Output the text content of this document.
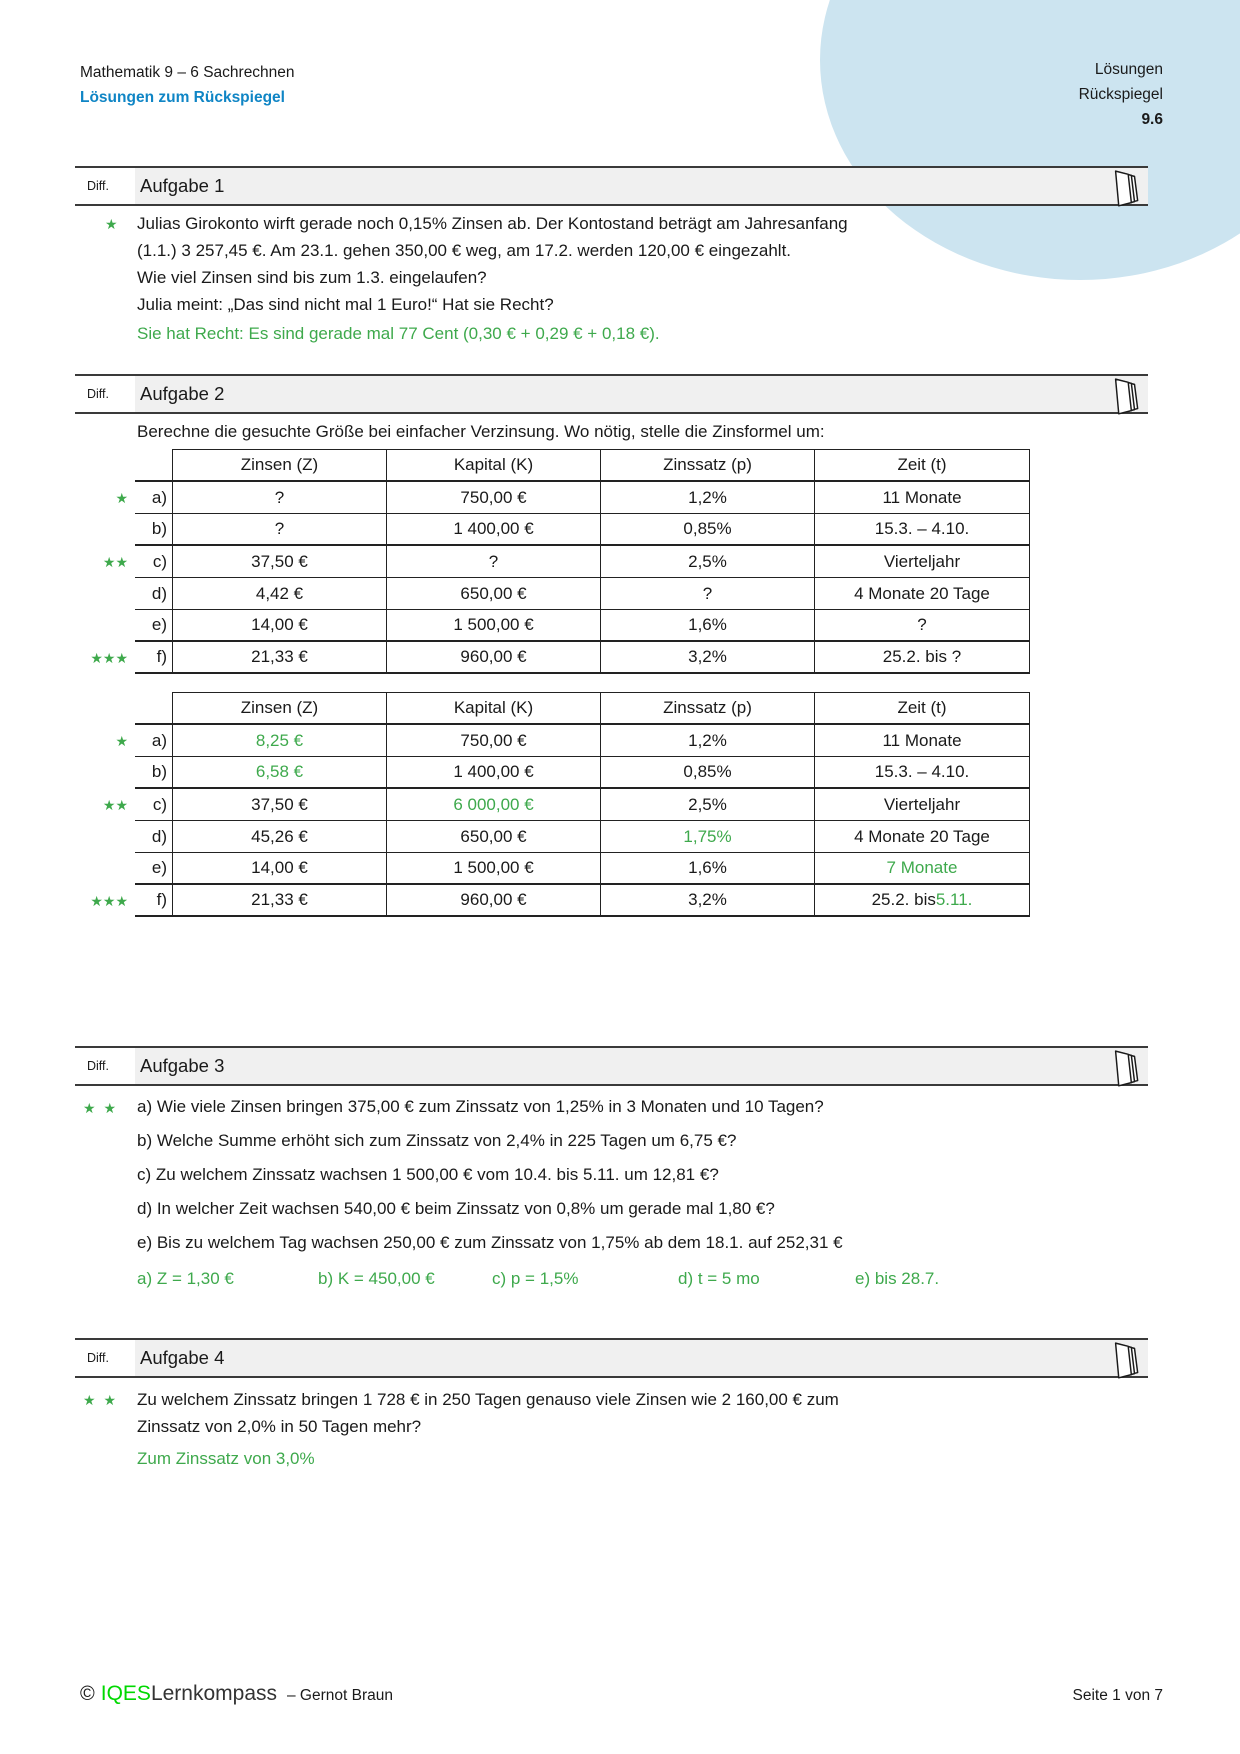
Mathematik 9 – 6 Sachrechnen
Lösungen zum Rückspiegel
Lösungen
Rückspiegel
9.6
Diff.	Aufgabe 1
★ Julias Girokonto wirft gerade noch 0,15% Zinsen ab. Der Kontostand beträgt am Jahresanfang
(1.1.) 3 257,45 €. Am 23.1. gehen 350,00 € weg, am 17.2. werden 120,00 € eingezahlt.
Wie viel Zinsen sind bis zum 1.3. eingelaufen?
Julia meint: „Das sind nicht mal 1 Euro!“ Hat sie Recht?
Sie hat Recht: Es sind gerade mal 77 Cent (0,30 € + 0,29 € + 0,18 €).
Diff.	Aufgabe 2
Berechne die gesuchte Größe bei einfacher Verzinsung. Wo nötig, stelle die Zinsformel um:
Zinsen (Z)	Kapital (K)	Zinssatz (p)	Zeit (t)
★	a)	?	750,00 €	1,2%	11 Monate
b)	?	1 400,00 €	0,85%	15.3. – 4.10.
★★	c)	37,50 €	?	2,5%	Vierteljahr
d)	4,42 €	650,00 €	?	4 Monate 20 Tage
e)	14,00 €	1 500,00 €	1,6%	?
★★★	f)	21,33 €	960,00 €	3,2%	25.2. bis ?
Zinsen (Z)	Kapital (K)	Zinssatz (p)	Zeit (t)
★	a)	8,25 €	750,00 €	1,2%	11 Monate
b)	6,58 €	1 400,00 €	0,85%	15.3. – 4.10.
★★	c)	37,50 €	6 000,00 €	2,5%	Vierteljahr
d)	45,26 €	650,00 €	1,75%	4 Monate 20 Tage
e)	14,00 €	1 500,00 €	1,6%	7 Monate
★★★	f)	21,33 €	960,00 €	3,2%	25.2. bis 5.11.
Diff.	Aufgabe 3
★ ★ a) Wie viele Zinsen bringen 375,00 € zum Zinssatz von 1,25% in 3 Monaten und 10 Tagen?
b) Welche Summe erhöht sich zum Zinssatz von 2,4% in 225 Tagen um 6,75 €?
c) Zu welchem Zinssatz wachsen 1 500,00 € vom 10.4. bis 5.11. um 12,81 €?
d) In welcher Zeit wachsen 540,00 € beim Zinssatz von 0,8% um gerade mal 1,80 €?
e) Bis zu welchem Tag wachsen 250,00 € zum Zinssatz von 1,75% ab dem 18.1. auf 252,31 €
a) Z = 1,30 €	b) K = 450,00 €	c) p = 1,5%	d) t = 5 mo	e) bis 28.7.
Diff.	Aufgabe 4
★ ★ Zu welchem Zinssatz bringen 1 728 € in 250 Tagen genauso viele Zinsen wie 2 160,00 € zum
Zinssatz von 2,0% in 50 Tagen mehr?
Zum Zinssatz von 3,0%
© IQES Lernkompass – Gernot Braun	Seite 1 von 7
